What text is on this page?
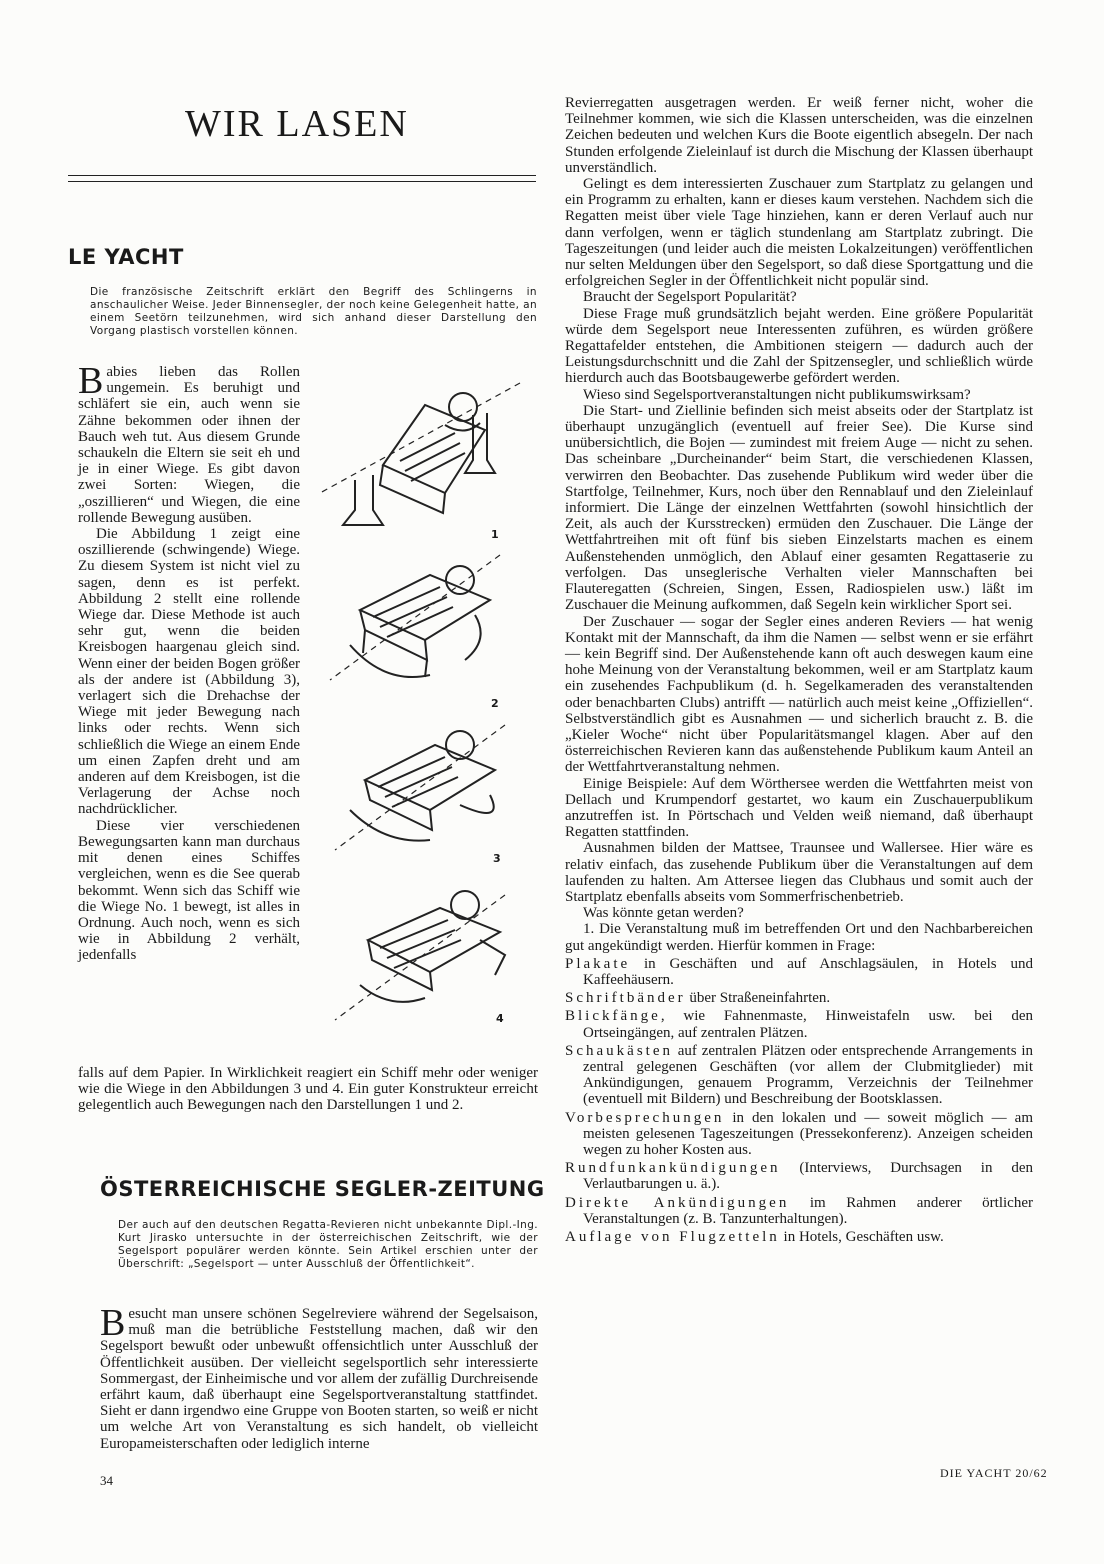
WIR LASEN
LE YACHT

Die französische Zeitschrift erklärt den Begriff des Schlingerns in anschaulicher Weise. Jeder Binnensegler, der noch keine Gelegenheit hatte, an einem Seetörn teilzunehmen, wird sich anhand dieser Darstellung den Vorgang plastisch vorstellen können.

Babies lieben das Rollen ungemein. Es beruhigt und schläfert sie ein, auch wenn sie Zähne bekommen oder ihnen der Bauch weh tut. Aus diesem Grunde schaukeln die Eltern sie seit eh und je in einer Wiege. Es gibt davon zwei Sorten: Wiegen, die „oszillieren“ und Wiegen, die eine rollende Bewegung ausüben.

Die Abbildung 1 zeigt eine oszillierende (schwingende) Wiege. Zu diesem System ist nicht viel zu sagen, denn es ist perfekt. Abbildung 2 stellt eine rollende Wiege dar. Diese Methode ist auch sehr gut, wenn die beiden Kreisbogen haargenau gleich sind. Wenn einer der beiden Bogen größer als der andere ist (Abbildung 3), verlagert sich die Drehachse der Wiege mit jeder Bewegung nach links oder rechts. Wenn sich schließlich die Wiege an einem Ende um einen Zapfen dreht und am anderen auf dem Kreisbogen, ist die Verlagerung der Achse noch nachdrücklicher.

Diese vier verschiedenen Bewegungsarten kann man durchaus mit denen eines Schiffes vergleichen, wenn es die See querab bekommt. Wenn sich das Schiff wie die Wiege No. 1 bewegt, ist alles in Ordnung. Auch noch, wenn es sich wie in Abbildung 2 verhält, jedenfalls

falls auf dem Papier. In Wirklichkeit reagiert ein Schiff mehr oder weniger wie die Wiege in den Abbildungen 3 und 4. Ein guter Konstrukteur erreicht gelegentlich auch Bewegungen nach den Darstellungen 1 und 2.

1
2
3
4
ÖSTERREICHISCHE SEGLER-ZEITUNG

Der auch auf den deutschen Regatta-Revieren nicht unbekannte Dipl.-Ing. Kurt Jirasko untersuchte in der österreichischen Zeitschrift, wie der Segelsport populärer werden könnte. Sein Artikel erschien unter der Überschrift: „Segelsport — unter Ausschluß der Öffentlichkeit“.

Besucht man unsere schönen Segelreviere während der Segelsaison, muß man die betrübliche Feststellung machen, daß wir den Segelsport bewußt oder unbewußt offensichtlich unter Ausschluß der Öffentlichkeit ausüben. Der vielleicht segelsportlich sehr interessierte Sommergast, der Einheimische und vor allem der zufällig Durchreisende erfährt kaum, daß überhaupt eine Segelsportveranstaltung stattfindet. Sieht er dann irgendwo eine Gruppe von Booten starten, so weiß er nicht um welche Art von Veranstaltung es sich handelt, ob vielleicht Europameisterschaften oder lediglich interne

Revierregatten ausgetragen werden. Er weiß ferner nicht, woher die Teilnehmer kommen, wie sich die Klassen unterscheiden, was die einzelnen Zeichen bedeuten und welchen Kurs die Boote eigentlich absegeln. Der nach Stunden erfolgende Zieleinlauf ist durch die Mischung der Klassen überhaupt unverständlich.

Gelingt es dem interessierten Zuschauer zum Startplatz zu gelangen und ein Programm zu erhalten, kann er dieses kaum verstehen. Nachdem sich die Regatten meist über viele Tage hinziehen, kann er deren Verlauf auch nur dann verfolgen, wenn er täglich stundenlang am Startplatz zubringt. Die Tageszeitungen (und leider auch die meisten Lokalzeitungen) veröffentlichen nur selten Meldungen über den Segelsport, so daß diese Sportgattung und die erfolgreichen Segler in der Öffentlichkeit nicht populär sind.

Braucht der Segelsport Popularität?

Diese Frage muß grundsätzlich bejaht werden. Eine größere Popularität würde dem Segelsport neue Interessenten zuführen, es würden größere Regattafelder entstehen, die Ambitionen steigern — dadurch auch der Leistungsdurchschnitt und die Zahl der Spitzensegler, und schließlich würde hierdurch auch das Bootsbaugewerbe gefördert werden.

Wieso sind Segelsportveranstaltungen nicht publikumswirksam?

Die Start- und Ziellinie befinden sich meist abseits oder der Startplatz ist überhaupt unzugänglich (eventuell auf freier See). Die Kurse sind unübersichtlich, die Bojen — zumindest mit freiem Auge — nicht zu sehen. Das scheinbare „Durcheinander“ beim Start, die verschiedenen Klassen, verwirren den Beobachter. Das zusehende Publikum wird weder über die Startfolge, Teilnehmer, Kurs, noch über den Rennablauf und den Zieleinlauf informiert. Die Länge der einzelnen Wettfahrten (sowohl hinsichtlich der Zeit, als auch der Kursstrecken) ermüden den Zuschauer. Die Länge der Wettfahrtreihen mit oft fünf bis sieben Einzelstarts machen es einem Außenstehenden unmöglich, den Ablauf einer gesamten Regattaserie zu verfolgen. Das unseglerische Verhalten vieler Mannschaften bei Flauteregatten (Schreien, Singen, Essen, Radiospielen usw.) läßt im Zuschauer die Meinung aufkommen, daß Segeln kein wirklicher Sport sei.

Der Zuschauer — sogar der Segler eines anderen Reviers — hat wenig Kontakt mit der Mannschaft, da ihm die Namen — selbst wenn er sie erfährt — kein Begriff sind. Der Außenstehende kann oft auch deswegen kaum eine hohe Meinung von der Veranstaltung bekommen, weil er am Startplatz kaum ein zusehendes Fachpublikum (d. h. Segelkameraden des veranstaltenden oder benachbarten Clubs) antrifft — natürlich auch meist keine „Offiziellen“. Selbstverständlich gibt es Ausnahmen — und sicherlich braucht z. B. die „Kieler Woche“ nicht über Popularitätsmangel klagen. Aber auf den österreichischen Revieren kann das außenstehende Publikum kaum Anteil an der Wettfahrtveranstaltung nehmen.

Einige Beispiele: Auf dem Wörthersee werden die Wettfahrten meist von Dellach und Krumpendorf gestartet, wo kaum ein Zuschauerpublikum anzutreffen ist. In Pörtschach und Velden weiß niemand, daß überhaupt Regatten stattfinden.

Ausnahmen bilden der Mattsee, Traunsee und Wallersee. Hier wäre es relativ einfach, das zusehende Publikum über die Veranstaltungen auf dem laufenden zu halten. Am Attersee liegen das Clubhaus und somit auch der Startplatz ebenfalls abseits vom Sommerfrischenbetrieb.

Was könnte getan werden?

1. Die Veranstaltung muß im betreffenden Ort und den Nachbarbereichen gut angekündigt werden. Hierfür kommen in Frage:

Plakate in Geschäften und auf Anschlagsäulen, in Hotels und Kaffeehäusern.

Schriftbänder über Straßeneinfahrten.

Blickfänge, wie Fahnenmaste, Hinweistafeln usw. bei den Ortseingängen, auf zentralen Plätzen.

Schaukästen auf zentralen Plätzen oder entsprechende Arrangements in zentral gelegenen Geschäften (vor allem der Clubmitglieder) mit Ankündigungen, genauem Programm, Verzeichnis der Teilnehmer (eventuell mit Bildern) und Beschreibung der Bootsklassen.

Vorbesprechungen in den lokalen und — soweit möglich — am meisten gelesenen Tageszeitungen (Pressekonferenz). Anzeigen scheiden wegen zu hoher Kosten aus.

Rundfunkankündigungen (Interviews, Durchsagen in den Verlautbarungen u. ä.).

Direkte Ankündigungen im Rahmen anderer örtlicher Veranstaltungen (z. B. Tanzunterhaltungen).

Auflage von Flugzetteln in Hotels, Geschäften usw.

34	DIE YACHT 20/62
